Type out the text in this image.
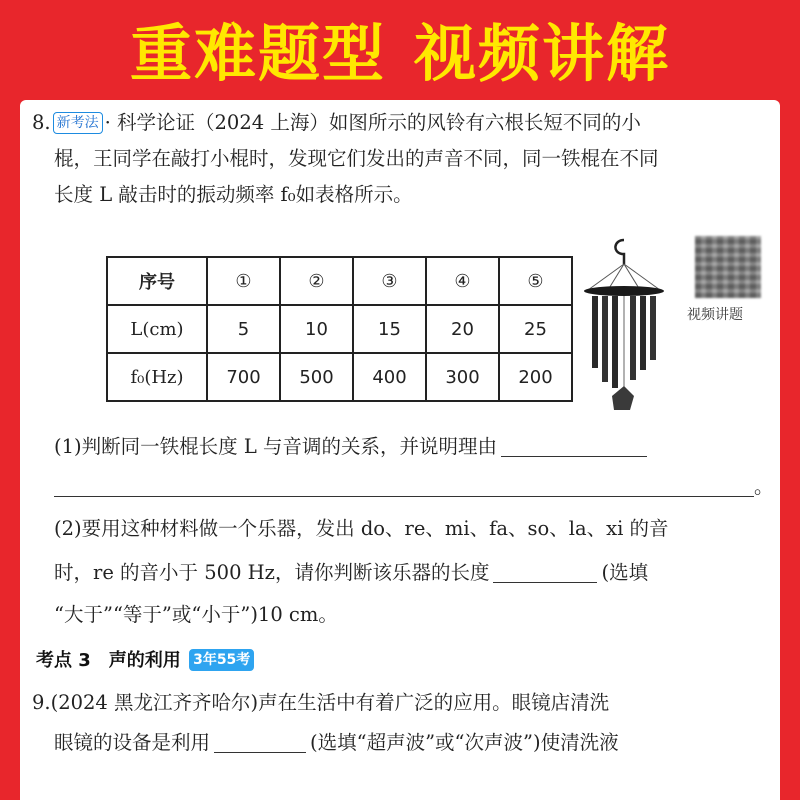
重难题型 视频讲解
8. 新考法 · 科学论证（2024 上海）如图所示的风铃有六根长短不同的小
棍，王同学在敲打小棍时，发现它们发出的声音不同，同一铁棍在不同
长度 L 敲击时的振动频率 f₀如表格所示。
序号	①	②	③	④	⑤
L(cm)	5	10	15	20	25
f₀(Hz)	700	500	400	300	200
视频讲题
(1)判断同一铁棍长度 L 与音调的关系，并说明理由
。
(2)要用这种材料做一个乐器，发出 do、re、mi、fa、so、la、xi 的音
时，re 的音小于 500 Hz，请你判断该乐器的长度	(选填
“大于”“等于”或“小于”)10 cm。
考点 3　声的利用 3年55考
9.(2024 黑龙江齐齐哈尔)声在生活中有着广泛的应用。眼镜店清洗
眼镜的设备是利用	(选填“超声波”或“次声波”)使清洗液
